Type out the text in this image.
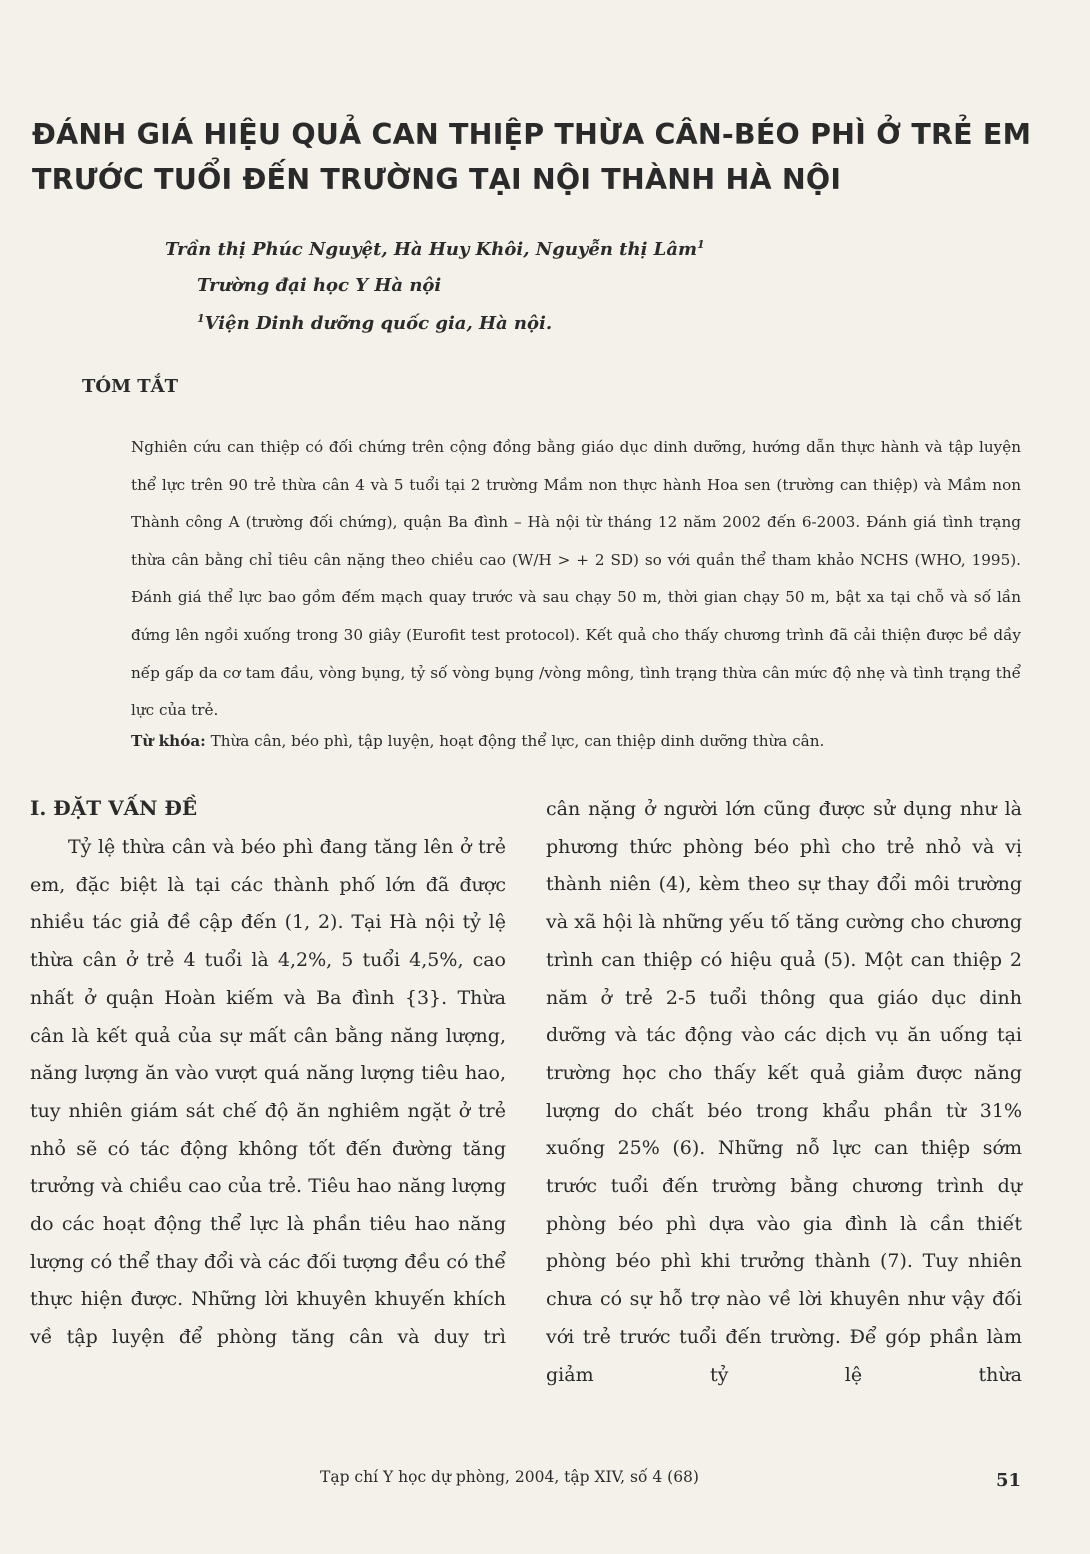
ĐÁNH GIÁ HIỆU QUẢ CAN THIỆP THỪA CÂN-BÉO PHÌ Ở TRẺ EM TRƯỚC TUỔI ĐẾN TRƯỜNG TẠI NỘI THÀNH HÀ NỘI
Trần thị Phúc Nguyệt, Hà Huy Khôi, Nguyễn thị Lâm$^1$
Trường đại học Y Hà nội
$^1$Viện Dinh dưỡng quốc gia, Hà nội.
TÓM TẮT

Nghiên cứu can thiệp có đối chứng trên cộng đồng bằng giáo dục dinh dưỡng, hướng dẫn thực hành và tập luyện thể lực trên 90 trẻ thừa cân 4 và 5 tuổi tại 2 trường Mầm non thực hành Hoa sen (trường can thiệp) và Mầm non Thành công A (trường đối chứng), quận Ba đình – Hà nội từ tháng 12 năm 2002 đến 6-2003. Đánh giá tình trạng thừa cân bằng chỉ tiêu cân nặng theo chiều cao (W/H > + 2 SD) so với quần thể tham khảo NCHS (WHO, 1995). Đánh giá thể lực bao gồm đếm mạch quay trước và sau chạy 50 m, thời gian chạy 50 m, bật xa tại chỗ và số lần đứng lên ngồi xuống trong 30 giây (Eurofit test protocol). Kết quả cho thấy chương trình đã cải thiện được bề dầy nếp gấp da cơ tam đầu, vòng bụng, tỷ số vòng bụng /vòng mông, tình trạng thừa cân mức độ nhẹ và tình trạng thể lực của trẻ.

Từ khóa: Thừa cân, béo phì, tập luyện, hoạt động thể lực, can thiệp dinh dưỡng thừa cân.
I. ĐẶT VẤN ĐỀ

Tỷ lệ thừa cân và béo phì đang tăng lên ở trẻ em, đặc biệt là tại các thành phố lớn đã được nhiều tác giả đề cập đến (1, 2). Tại Hà nội tỷ lệ thừa cân ở trẻ 4 tuổi là 4,2%, 5 tuổi 4,5%, cao nhất ở quận Hoàn kiếm và Ba đình {3}. Thừa cân là kết quả của sự mất cân bằng năng lượng, năng lượng ăn vào vượt quá năng lượng tiêu hao, tuy nhiên giám sát chế độ ăn nghiêm ngặt ở trẻ nhỏ sẽ có tác động không tốt đến đường tăng trưởng và chiều cao của trẻ. Tiêu hao năng lượng do các hoạt động thể lực là phần tiêu hao năng lượng có thể thay đổi và các đối tượng đều có thể thực hiện được. Những lời khuyên khuyến khích về tập luyện để phòng tăng cân và duy trì

cân nặng ở người lớn cũng được sử dụng như là phương thức phòng béo phì cho trẻ nhỏ và vị thành niên (4), kèm theo sự thay đổi môi trường và xã hội là những yếu tố tăng cường cho chương trình can thiệp có hiệu quả (5). Một can thiệp 2 năm ở trẻ 2-5 tuổi thông qua giáo dục dinh dưỡng và tác động vào các dịch vụ ăn uống tại trường học cho thấy kết quả giảm được năng lượng do chất béo trong khẩu phần từ 31% xuống 25% (6). Những nỗ lực can thiệp sớm trước tuổi đến trường bằng chương trình dự phòng béo phì dựa vào gia đình là cần thiết phòng béo phì khi trưởng thành (7). Tuy nhiên chưa có sự hỗ trợ nào về lời khuyên như vậy đối với trẻ trước tuổi đến trường. Để góp phần làm giảm tỷ lệ thừa

Tạp chí Y học dự phòng, 2004, tập XIV, số 4 (68)	51
